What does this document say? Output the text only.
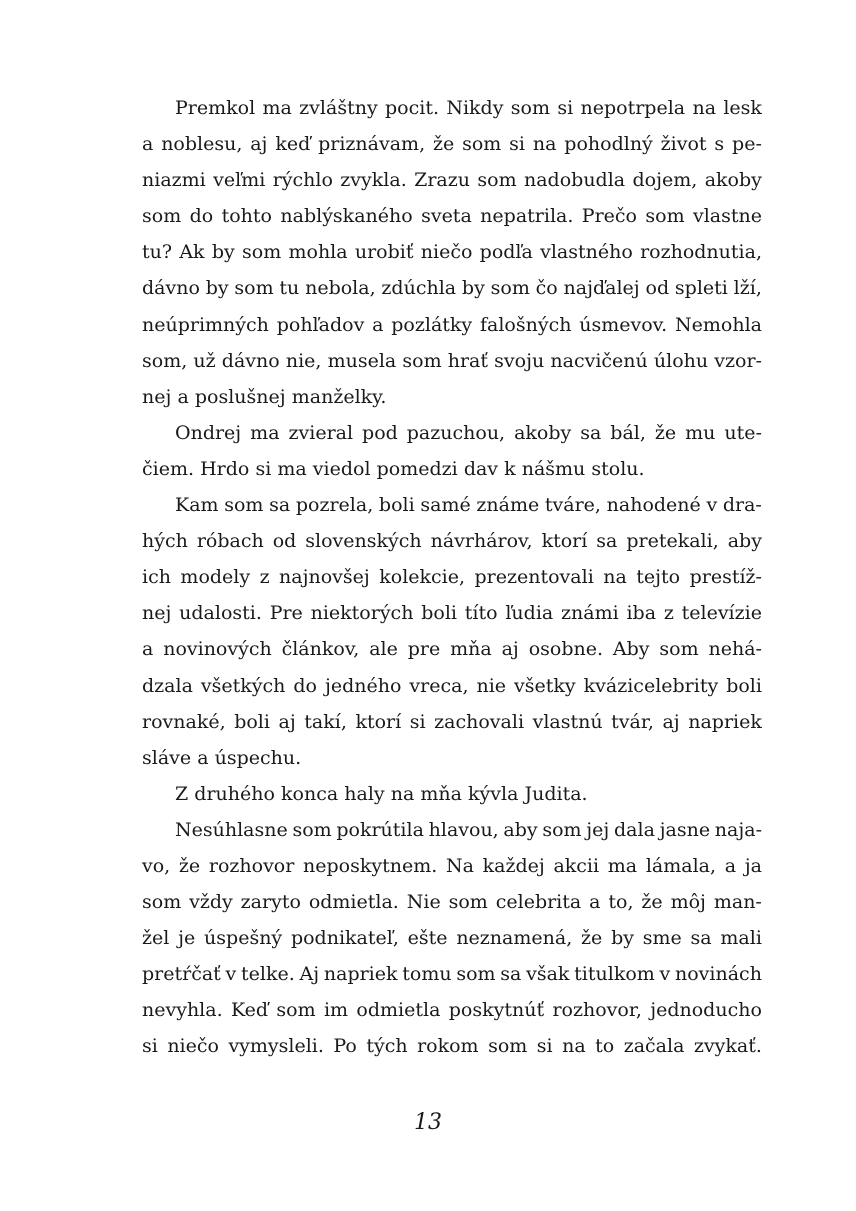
Premkol ma zvláštny pocit. Nikdy som si nepotrpela na lesk
a noblesu, aj keď priznávam, že som si na pohodlný život s pe-
niazmi veľmi rýchlo zvykla. Zrazu som nadobudla dojem, akoby
som do tohto nablýskaného sveta nepatrila. Prečo som vlastne
tu? Ak by som mohla urobiť niečo podľa vlastného rozhodnutia,
dávno by som tu nebola, zdúchla by som čo najďalej od spleti lží,
neúprimných pohľadov a pozlátky falošných úsmevov. Nemohla
som, už dávno nie, musela som hrať svoju nacvičenú úlohu vzor-
nej a poslušnej manželky.
Ondrej ma zvieral pod pazuchou, akoby sa bál, že mu ute-
čiem. Hrdo si ma viedol pomedzi dav k nášmu stolu.
Kam som sa pozrela, boli samé známe tváre, nahodené v dra-
hých róbach od slovenských návrhárov, ktorí sa pretekali, aby
ich modely z najnovšej kolekcie, prezentovali na tejto prestíž-
nej udalosti. Pre niektorých boli títo ľudia známi iba z televízie
a novinových článkov, ale pre mňa aj osobne. Aby som nehá-
dzala všetkých do jedného vreca, nie všetky kvázicelebrity boli
rovnaké, boli aj takí, ktorí si zachovali vlastnú tvár, aj napriek
sláve a úspechu.
Z druhého konca haly na mňa kývla Judita.
Nesúhlasne som pokrútila hlavou, aby som jej dala jasne naja-
vo, že rozhovor neposkytnem. Na každej akcii ma lámala, a ja
som vždy zaryto odmietla. Nie som celebrita a to, že môj man-
žel je úspešný podnikateľ, ešte neznamená, že by sme sa mali
pretŕčať v telke. Aj napriek tomu som sa však titulkom v novinách
nevyhla. Keď som im odmietla poskytnúť rozhovor, jednoducho
si niečo vymysleli. Po tých rokom som si na to začala zvykať.
13
